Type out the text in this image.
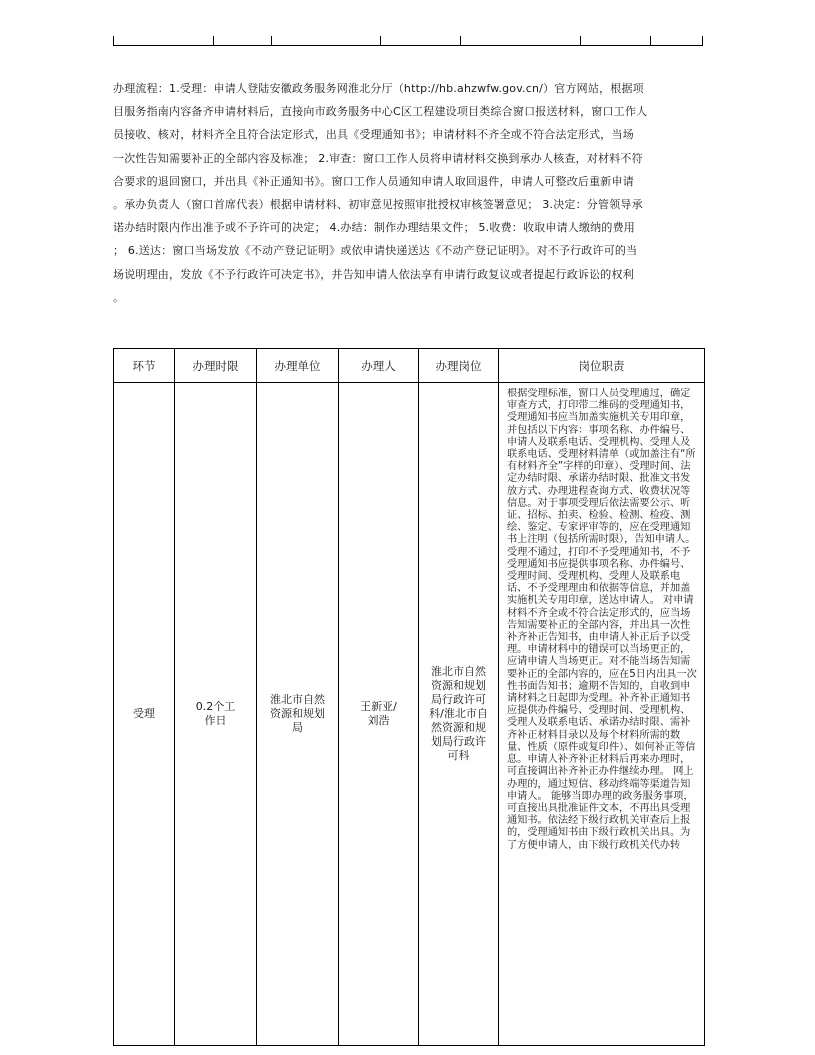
办理流程：1.受理：申请人登陆安徽政务服务网淮北分厅（http://hb.ahzwfw.gov.cn/）官方网站，根据项
目服务指南内容备齐申请材料后，直接向市政务服务中心C区工程建设项目类综合窗口报送材料，窗口工作人
员接收、核对，材料齐全且符合法定形式，出具《受理通知书》；申请材料不齐全或不符合法定形式，当场
一次性告知需要补正的全部内容及标准； 2.审查：窗口工作人员将申请材料交换到承办人核查，对材料不符
合要求的退回窗口，并出具《补正通知书》。窗口工作人员通知申请人取回退件，申请人可整改后重新申请
。承办负责人（窗口首席代表）根据申请材料、初审意见按照审批授权审核签署意见； 3.决定：分管领导承
诺办结时限内作出准予或不予许可的决定； 4.办结：制作办理结果文件； 5.收费：收取申请人缴纳的费用
； 6.送达：窗口当场发放《不动产登记证明》或依申请快递送达《不动产登记证明》。对不予行政许可的当
场说明理由，发放《不予行政许可决定书》，并告知申请人依法享有申请行政复议或者提起行政诉讼的权利
。
环节	办理时限	办理单位	办理人	办理岗位	岗位职责
受理	0.2个工作日	淮北市自然资源和规划局	王新亚/刘浩	淮北市自然资源和规划局行政许可科/淮北市自然资源和规划局行政许可科	根据受理标准，窗口人员受理通过，确定审查方式，打印带二维码的受理通知书，受理通知书应当加盖实施机关专用印章，并包括以下内容：事项名称、办件编号、申请人及联系电话、受理机构、受理人及联系电话、受理材料清单（或加盖注有“所有材料齐全”字样的印章）、受理时间、法定办结时限、承诺办结时限、批准文书发放方式、办理进程查询方式、收费状况等信息。对于事项受理后依法需要公示、听证、招标、拍卖、检验、检测、检疫、测绘、鉴定、专家评审等的，应在受理通知书上注明（包括所需时限），告知申请人。 受理不通过，打印不予受理通知书，不予受理通知书应提供事项名称、办件编号、受理时间、受理机构、受理人及联系电话、不予受理理由和依据等信息，并加盖实施机关专用印章，送达申请人。 对申请材料不齐全或不符合法定形式的，应当场告知需要补正的全部内容，并出具一次性补齐补正告知书，由申请人补正后予以受理。申请材料中的错误可以当场更正的，应请申请人当场更正。对不能当场告知需要补正的全部内容的，应在5日内出具一次性书面告知书；逾期不告知的，自收到申请材料之日起即为受理。补齐补正通知书应提供办件编号、受理时间、受理机构、受理人及联系电话、承诺办结时限、需补齐补正材料目录以及每个材料所需的数量、性质（原件或复印件）、如何补正等信息。申请人补齐补正材料后再来办理时，可直接调出补齐补正办件继续办理。 网上办理的，通过短信、移动终端等渠道告知申请人。 能够当即办理的政务服务事项，可直接出具批准证件文本，不再出具受理通知书。依法经下级行政机关审查后上报的，受理通知书由下级行政机关出具。为了方便申请人，由下级行政机关代办转
